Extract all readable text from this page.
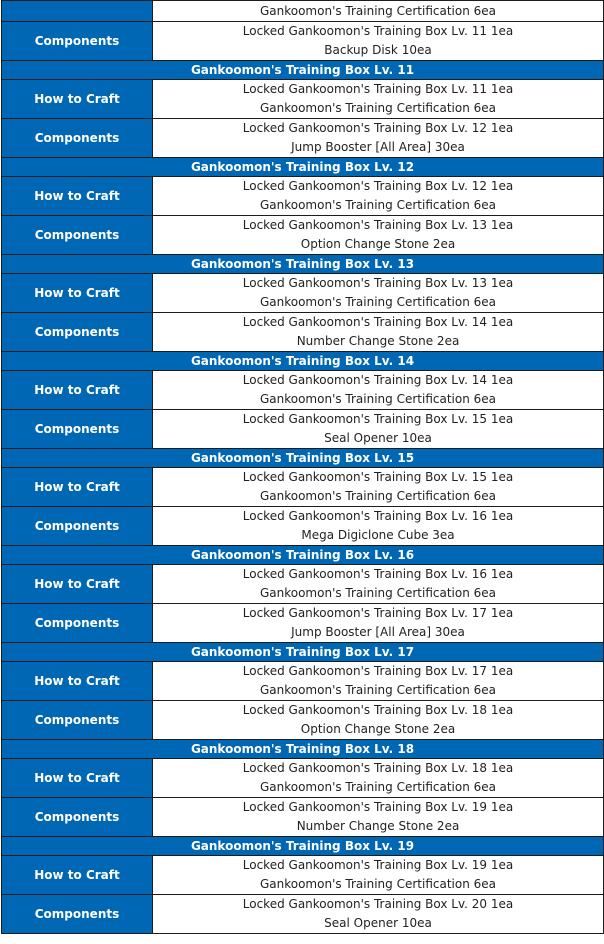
	Gankoomon's Training Certification 6ea

Components	Locked Gankoomon's Training Box Lv. 11 1ea
Backup Disk 10ea

Gankoomon's Training Box Lv. 11	
How to Craft	Locked Gankoomon's Training Box Lv. 11 1ea
Gankoomon's Training Certification 6ea

Components	Locked Gankoomon's Training Box Lv. 12 1ea
Jump Booster [All Area] 30ea

Gankoomon's Training Box Lv. 12	
How to Craft	Locked Gankoomon's Training Box Lv. 12 1ea
Gankoomon's Training Certification 6ea

Components	Locked Gankoomon's Training Box Lv. 13 1ea
Option Change Stone 2ea

Gankoomon's Training Box Lv. 13	
How to Craft	Locked Gankoomon's Training Box Lv. 13 1ea
Gankoomon's Training Certification 6ea

Components	Locked Gankoomon's Training Box Lv. 14 1ea
Number Change Stone 2ea

Gankoomon's Training Box Lv. 14	
How to Craft	Locked Gankoomon's Training Box Lv. 14 1ea
Gankoomon's Training Certification 6ea

Components	Locked Gankoomon's Training Box Lv. 15 1ea
Seal Opener 10ea

Gankoomon's Training Box Lv. 15	
How to Craft	Locked Gankoomon's Training Box Lv. 15 1ea
Gankoomon's Training Certification 6ea

Components	Locked Gankoomon's Training Box Lv. 16 1ea
Mega Digiclone Cube 3ea

Gankoomon's Training Box Lv. 16	
How to Craft	Locked Gankoomon's Training Box Lv. 16 1ea
Gankoomon's Training Certification 6ea

Components	Locked Gankoomon's Training Box Lv. 17 1ea
Jump Booster [All Area] 30ea

Gankoomon's Training Box Lv. 17	
How to Craft	Locked Gankoomon's Training Box Lv. 17 1ea
Gankoomon's Training Certification 6ea

Components	Locked Gankoomon's Training Box Lv. 18 1ea
Option Change Stone 2ea

Gankoomon's Training Box Lv. 18	
How to Craft	Locked Gankoomon's Training Box Lv. 18 1ea
Gankoomon's Training Certification 6ea

Components	Locked Gankoomon's Training Box Lv. 19 1ea
Number Change Stone 2ea

Gankoomon's Training Box Lv. 19	
How to Craft	Locked Gankoomon's Training Box Lv. 19 1ea
Gankoomon's Training Certification 6ea

Components	Locked Gankoomon's Training Box Lv. 20 1ea
Seal Opener 10ea
